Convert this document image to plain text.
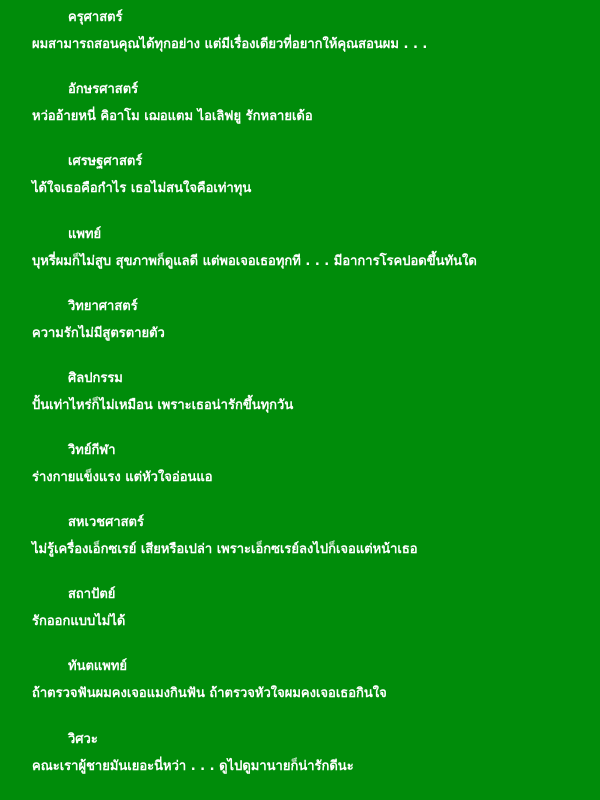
ครุศาสตร์
ผมสามารถสอนคุณได้ทุกอย่าง แต่มีเรื่องเดียวที่อยากให้คุณสอนผม . . .
อักษรศาสตร์
หว่ออ้ายหนี่ คิอาโม เฌอแตม ไอเลิฟยู รักหลายเด้อ
เศรษฐศาสตร์
ได้ใจเธอคือกำไร เธอไม่สนใจคือเท่าทุน
แพทย์
บุหรี่ผมก็ไม่สูบ สุขภาพก็ดูแลดี แต่พอเจอเธอทุกที . . . มีอาการโรคปอดขึ้นทันใด
วิทยาศาสตร์
ความรักไม่มีสูตรตายตัว
ศิลปกรรม
ปั้นเท่าไหร่ก็ไม่เหมือน เพราะเธอน่ารักขึ้นทุกวัน
วิทย์กีฬา
ร่างกายแข็งแรง แต่หัวใจอ่อนแอ
สหเวชศาสตร์
ไม่รู้เครื่องเอ็กซเรย์ เสียหรือเปล่า เพราะเอ็กซเรย์ลงไปก็เจอแต่หน้าเธอ
สถาปัตย์
รักออกแบบไม่ได้
ทันตแพทย์
ถ้าตรวจฟันผมคงเจอแมงกินฟัน ถ้าตรวจหัวใจผมคงเจอเธอกินใจ
วิศวะ
คณะเราผู้ชายมันเยอะนี่หว่า . . . ดูไปดูมานายก็น่ารักดีนะ
